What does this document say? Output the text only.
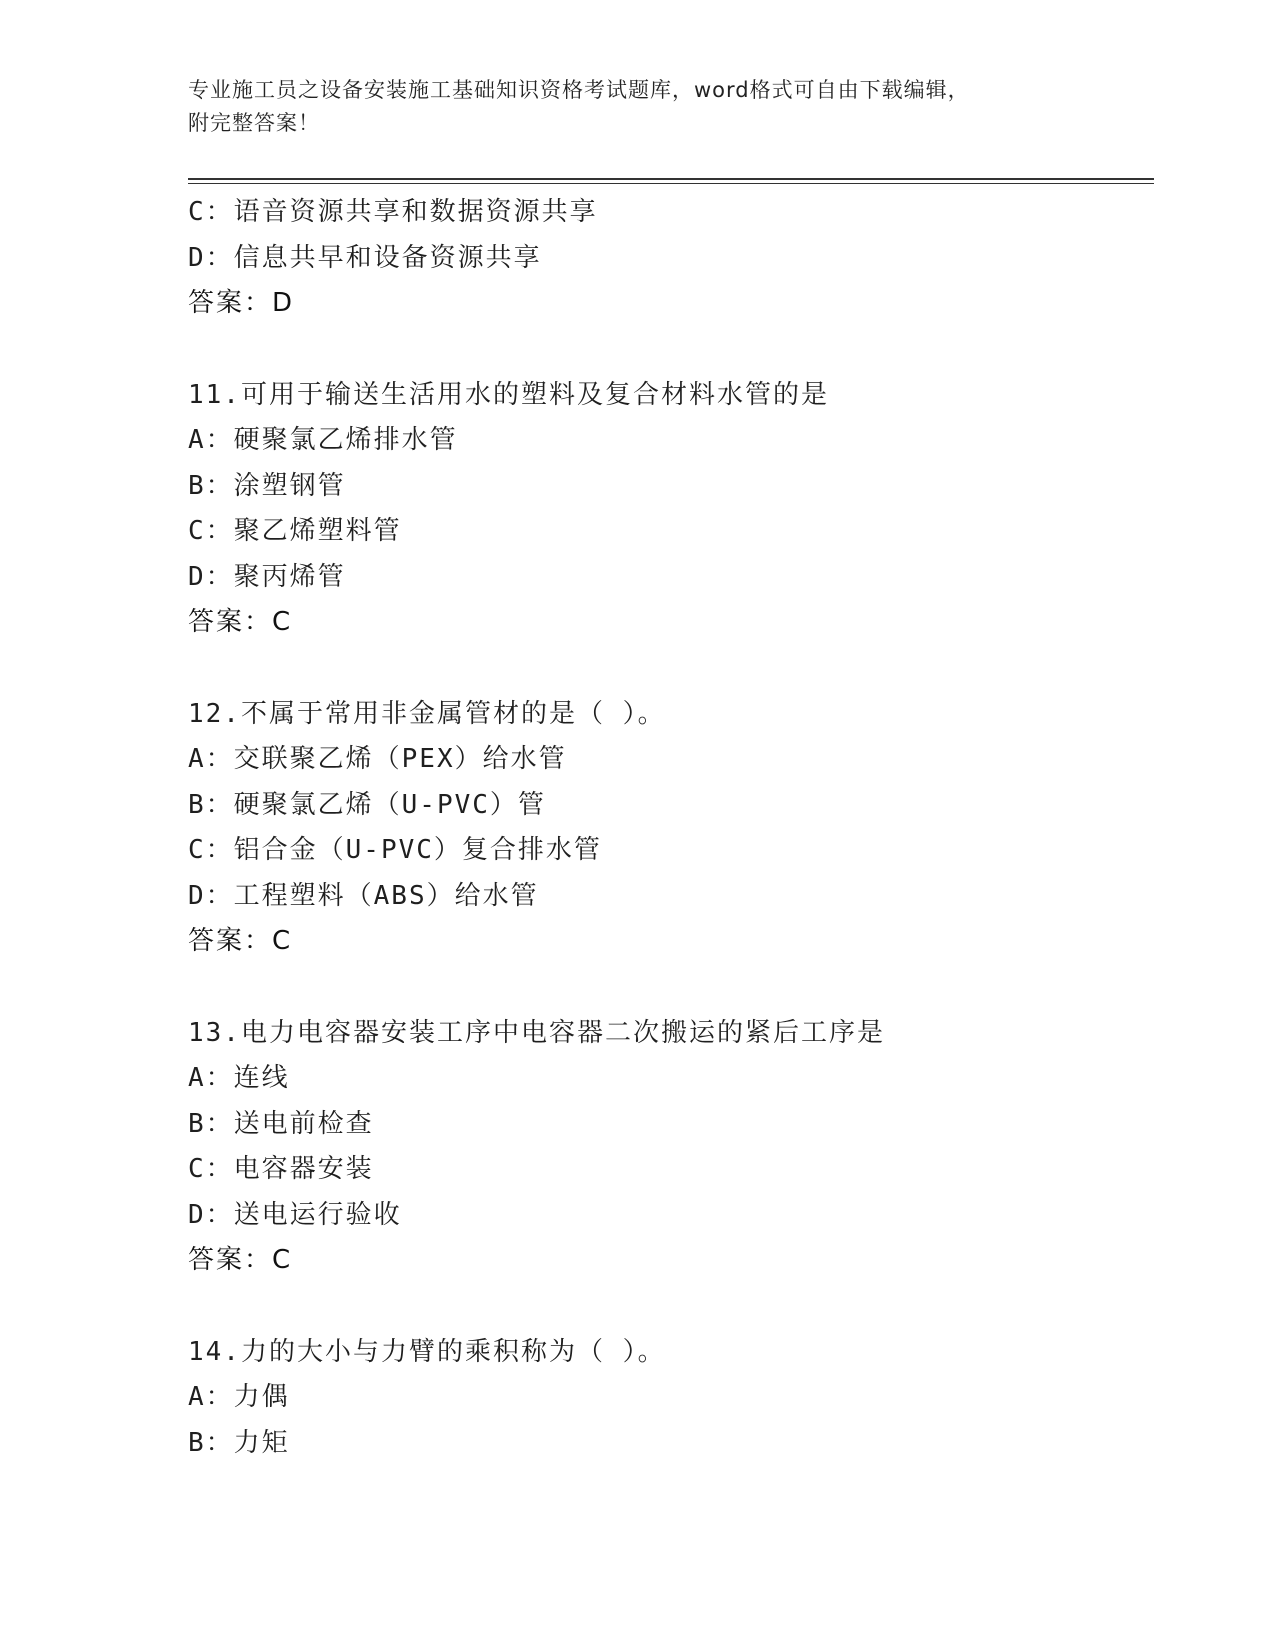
专业施工员之设备安装施工基础知识资格考试题库，word格式可自由下载编辑，
附完整答案！
C：语音资源共享和数据资源共享
D：信息共早和设备资源共享
答案：D
11.可用于输送生活用水的塑料及复合材料水管的是
A：硬聚氯乙烯排水管
B：涂塑钢管
C：聚乙烯塑料管
D：聚丙烯管
答案：C
12.不属于常用非金属管材的是（ ）。
A：交联聚乙烯（PEX）给水管
B：硬聚氯乙烯（U-PVC）管
C：铝合金（U-PVC）复合排水管
D：工程塑料（ABS）给水管
答案：C
13.电力电容器安装工序中电容器二次搬运的紧后工序是
A：连线
B：送电前检查
C：电容器安装
D：送电运行验收
答案：C
14.力的大小与力臂的乘积称为（ ）。
A：力偶
B：力矩
